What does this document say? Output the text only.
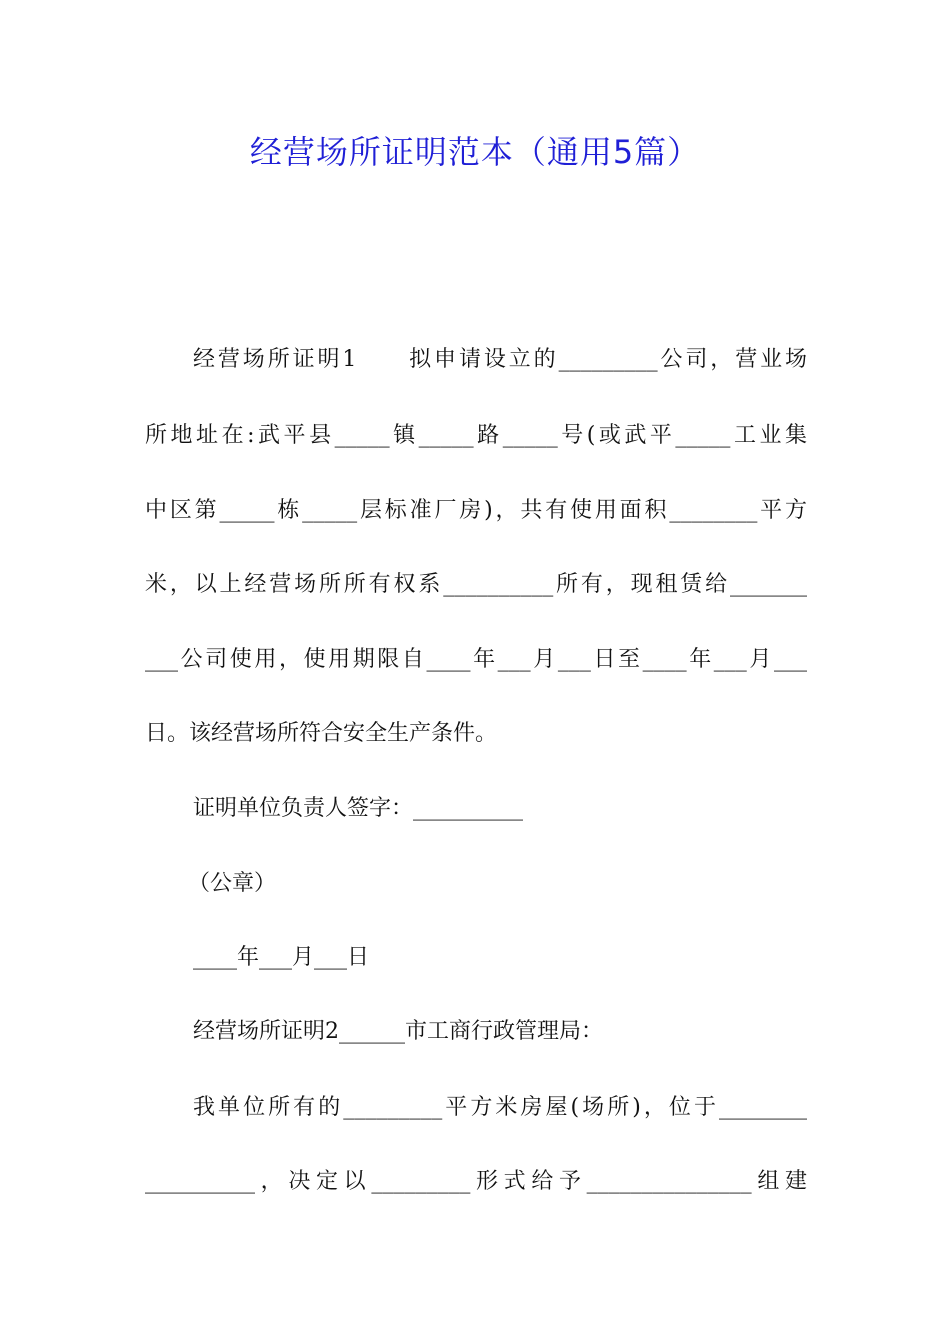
经营场所证明范本（通用5篇）
经营场所证明1　　拟申请设立的_________公司，营业场
所地址在:武平县_____镇_____路_____号(或武平_____工业集
中区第_____栋_____层标准厂房)，共有使用面积________平方
米，以上经营场所所有权系__________所有，现租赁给_______
___公司使用，使用期限自____年___月___日至____年___月___
日。该经营场所符合安全生产条件。
证明单位负责人签字：__________
（公章）
____年___月___日
经营场所证明2______市工商行政管理局：
我单位所有的_________平方米房屋(场所)，位于________
__________，决定以_________形式给予_______________组建
